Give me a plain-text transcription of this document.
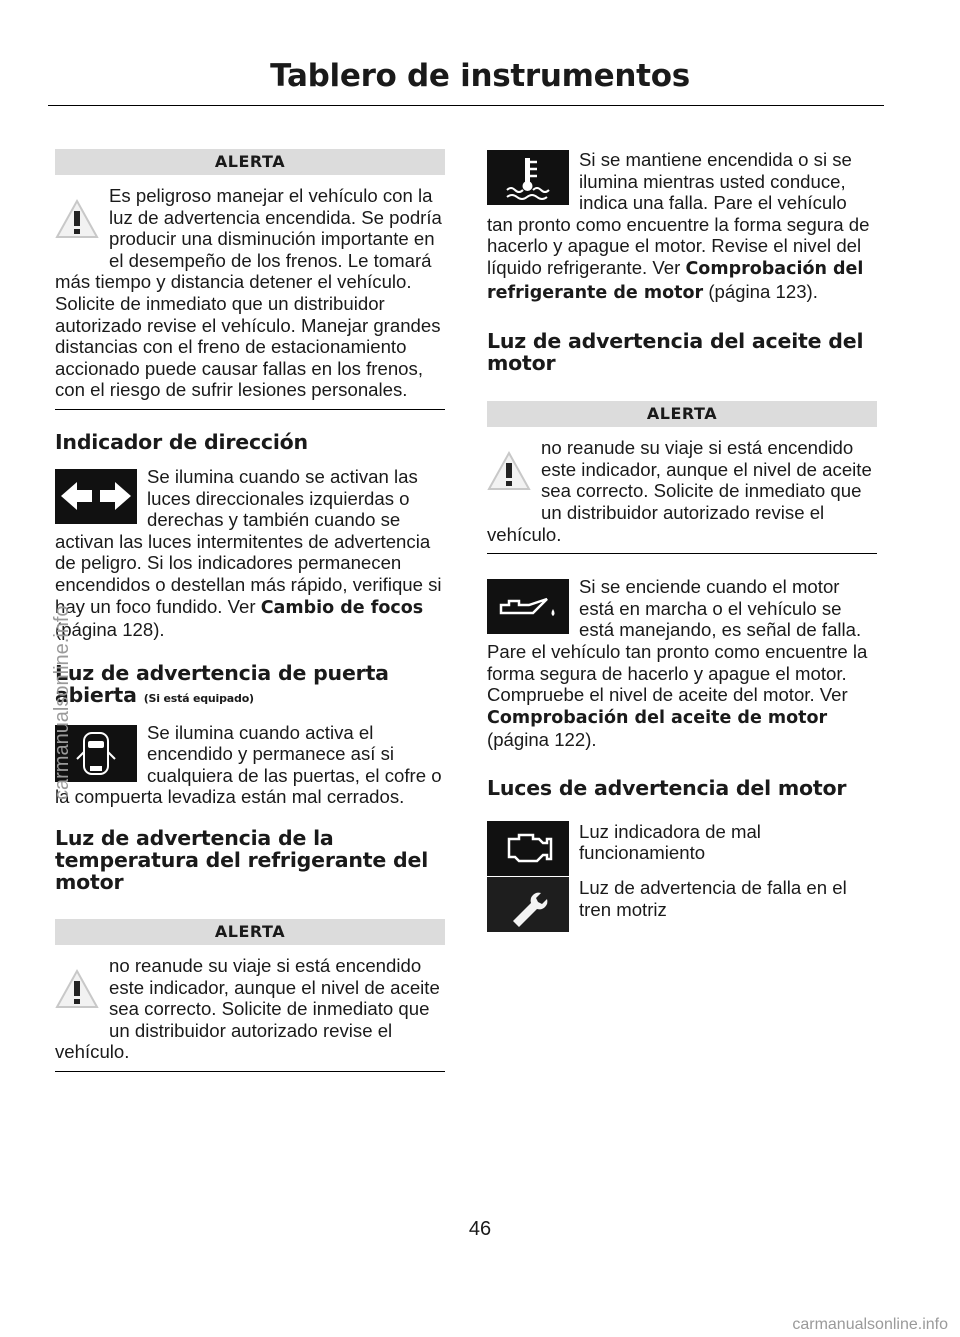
Tablero de instrumentos
ALERTA

Es peligroso manejar el vehículo con la luz de advertencia encendida. Se podría producir una disminución importante en el desempeño de los frenos. Le tomará más tiempo y distancia detener el vehículo. Solicite de inmediato que un distribuidor autorizado revise el vehículo. Manejar grandes distancias con el freno de estacionamiento accionado puede causar fallas en los frenos, con el riesgo de sufrir lesiones personales.

Indicador de dirección

Se ilumina cuando se activan las luces direccionales izquierdas o derechas y también cuando se activan las luces intermitentes de advertencia de peligro. Si los indicadores permanecen encendidos o destellan más rápido, verifique si hay un foco fundido. Ver Cambio de focos (página 128).

Luz de advertencia de puerta abierta (Si está equipado)

Se ilumina cuando activa el encendido y permanece así si cualquiera de las puertas, el cofre o la compuerta levadiza están mal cerrados.

Luz de advertencia de la temperatura del refrigerante del motor
ALERTA

no reanude su viaje si está encendido este indicador, aunque el nivel de aceite sea correcto. Solicite de inmediato que un distribuidor autorizado revise el vehículo.

Si se mantiene encendida o si se ilumina mientras usted conduce, indica una falla. Pare el vehículo tan pronto como encuentre la forma segura de hacerlo y apague el motor. Revise el nivel del líquido refrigerante. Ver Comprobación del refrigerante de motor (página 123).

Luz de advertencia del aceite del motor
ALERTA

no reanude su viaje si está encendido este indicador, aunque el nivel de aceite sea correcto. Solicite de inmediato que un distribuidor autorizado revise el vehículo.

Si se enciende cuando el motor está en marcha o el vehículo se está manejando, es señal de falla. Pare el vehículo tan pronto como encuentre la forma segura de hacerlo y apague el motor. Compruebe el nivel de aceite del motor. Ver Comprobación del aceite de motor (página 122).

Luces de advertencia del motor

Luz indicadora de mal funcionamiento

Luz de advertencia de falla en el tren motriz

46
carmanualsonline.info
carmanualsonline.info
